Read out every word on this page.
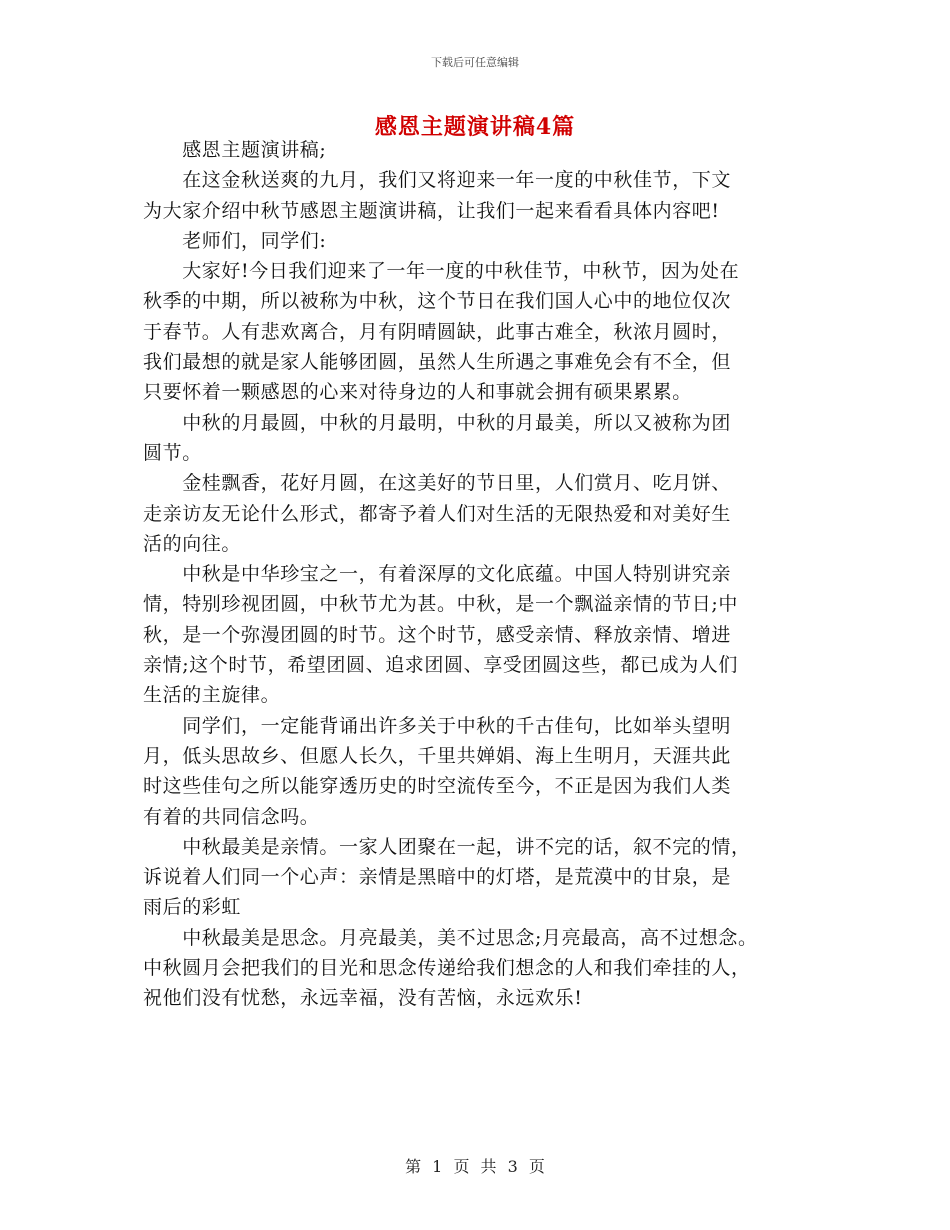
下载后可任意编辑
感恩主题演讲稿4篇
　　感恩主题演讲稿;
　　在这金秋送爽的九月，我们又将迎来一年一度的中秋佳节，下文
为大家介绍中秋节感恩主题演讲稿，让我们一起来看看具体内容吧!
　　老师们，同学们:
　　大家好!今日我们迎来了一年一度的中秋佳节，中秋节，因为处在
秋季的中期，所以被称为中秋，这个节日在我们国人心中的地位仅次
于春节。人有悲欢离合，月有阴晴圆缺，此事古难全，秋浓月圆时，
我们最想的就是家人能够团圆，虽然人生所遇之事难免会有不全，但
只要怀着一颗感恩的心来对待身边的人和事就会拥有硕果累累。
　　中秋的月最圆，中秋的月最明，中秋的月最美，所以又被称为团
圆节。
　　金桂飘香，花好月圆，在这美好的节日里，人们赏月、吃月饼、
走亲访友无论什么形式，都寄予着人们对生活的无限热爱和对美好生
活的向往。
　　中秋是中华珍宝之一，有着深厚的文化底蕴。中国人特别讲究亲
情，特别珍视团圆，中秋节尤为甚。中秋，是一个飘溢亲情的节日;中
秋，是一个弥漫团圆的时节。这个时节，感受亲情、释放亲情、增进
亲情;这个时节，希望团圆、追求团圆、享受团圆这些，都已成为人们
生活的主旋律。
　　同学们，一定能背诵出许多关于中秋的千古佳句，比如举头望明
月，低头思故乡、但愿人长久，千里共婵娟、海上生明月，天涯共此
时这些佳句之所以能穿透历史的时空流传至今，不正是因为我们人类
有着的共同信念吗。
　　中秋最美是亲情。一家人团聚在一起，讲不完的话，叙不完的情，
诉说着人们同一个心声：亲情是黑暗中的灯塔，是荒漠中的甘泉，是
雨后的彩虹
　　中秋最美是思念。月亮最美，美不过思念;月亮最高，高不过想念。
中秋圆月会把我们的目光和思念传递给我们想念的人和我们牵挂的人，
祝他们没有忧愁，永远幸福，没有苦恼，永远欢乐!
第 1 页 共 3 页
